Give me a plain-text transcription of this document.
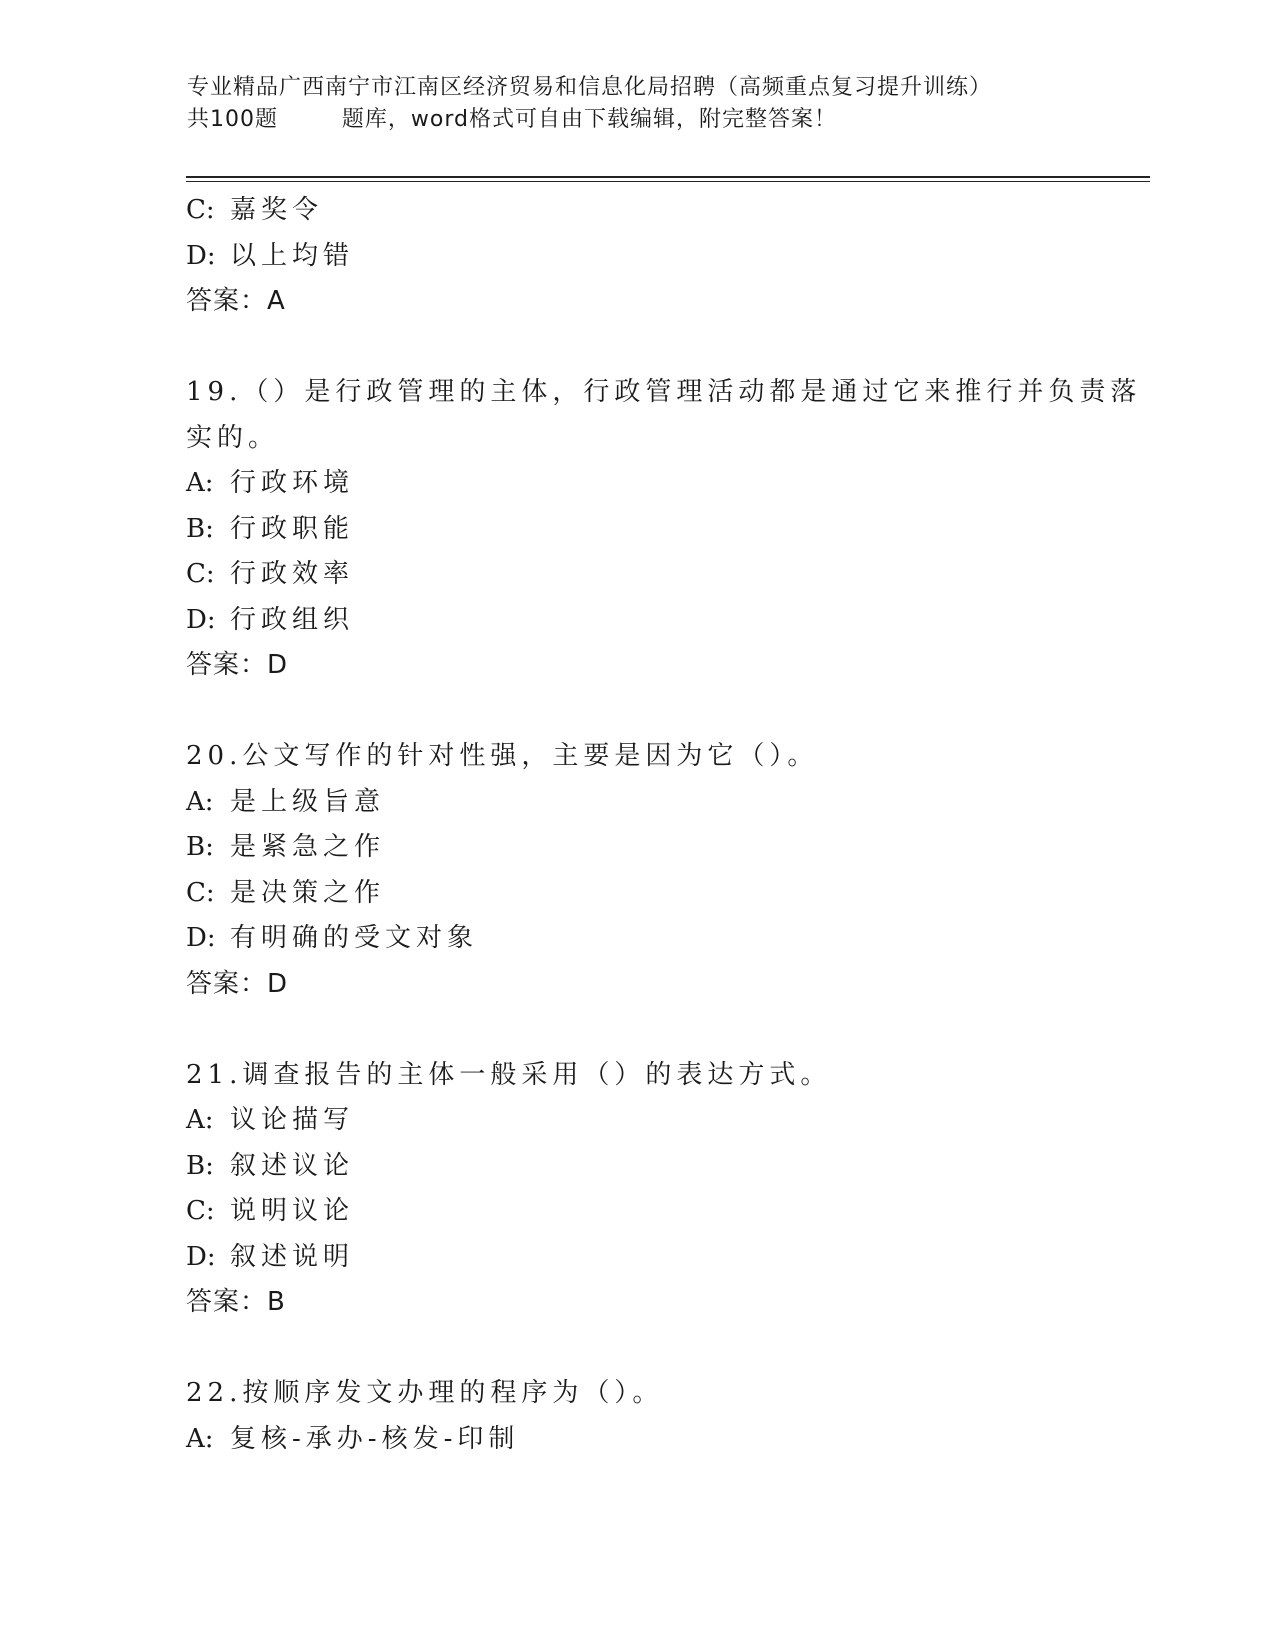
专业精品广西南宁市江南区经济贸易和信息化局招聘（高频重点复习提升训练）
共100题        题库，word格式可自由下载编辑，附完整答案！
C: 嘉奖令
D: 以上均错
答案：A
19.（）是行政管理的主体，行政管理活动都是通过它来推行并负责落
实的。
A: 行政环境
B: 行政职能
C: 行政效率
D: 行政组织
答案：D
20.公文写作的针对性强，主要是因为它（）。
A: 是上级旨意
B: 是紧急之作
C: 是决策之作
D: 有明确的受文对象
答案：D
21.调查报告的主体一般采用（）的表达方式。
A: 议论描写
B: 叙述议论
C: 说明议论
D: 叙述说明
答案：B
22.按顺序发文办理的程序为（）。
A: 复核-承办-核发-印制
